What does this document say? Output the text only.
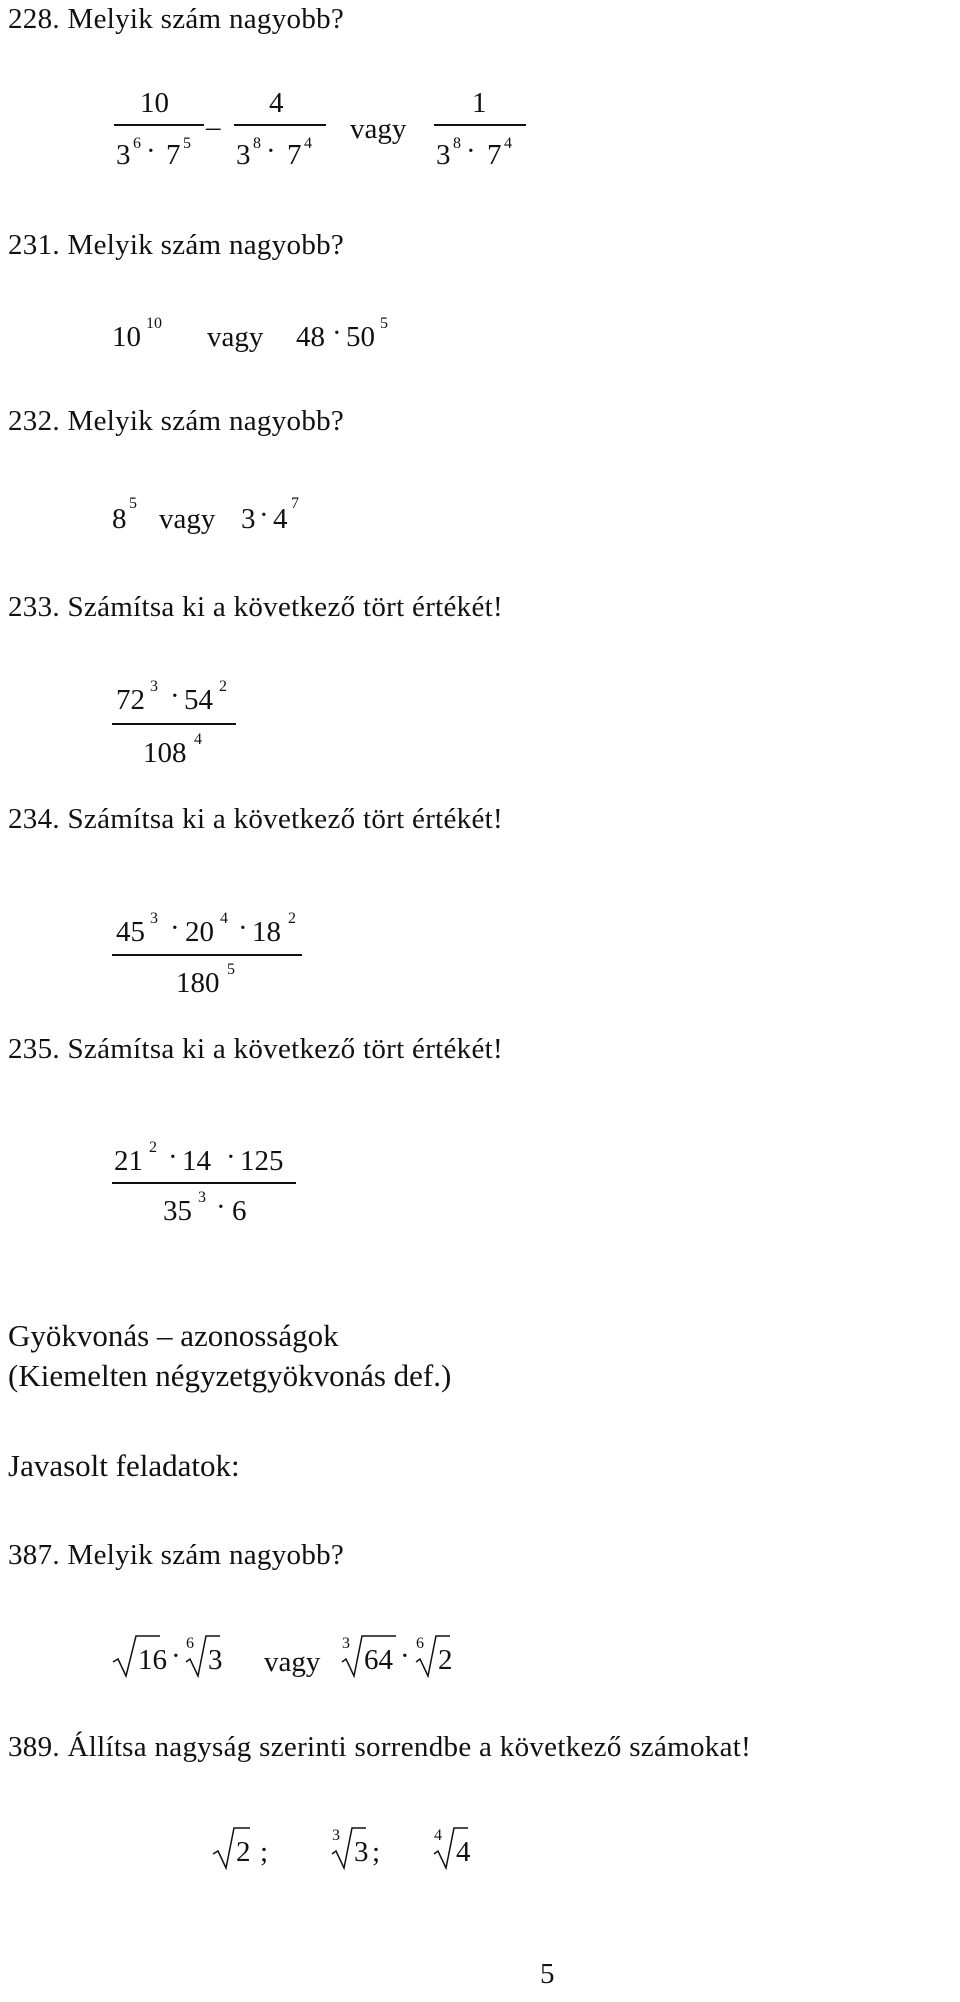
228. Melyik szám nagyobb?
10
3 6 · 7 5
–
4
3 8 · 7 4 vagy
1
3 8 · 7 4
231. Melyik szám nagyobb?
10 10 vagy 48 · 50 5
232. Melyik szám nagyobb?
8 5 vagy 3 · 4 7
233. Számítsa ki a következő tört értékét!
72 3 · 54 2
108 4
234. Számítsa ki a következő tört értékét!
45 3 · 20 4 · 18 2
180 5
235. Számítsa ki a következő tört értékét!
21 2 · 14 · 125
35 3 · 6
Gyökvonás – azonosságok
(Kiemelten négyzetgyökvonás def.)
Javasolt feladatok:
387. Melyik szám nagyobb?
16 · 6
3 vagy
3
64 · 6
2
389. Állítsa nagyság szerinti sorrendbe a következő számokat!
2 ;
3
3 ;
4
4
5
